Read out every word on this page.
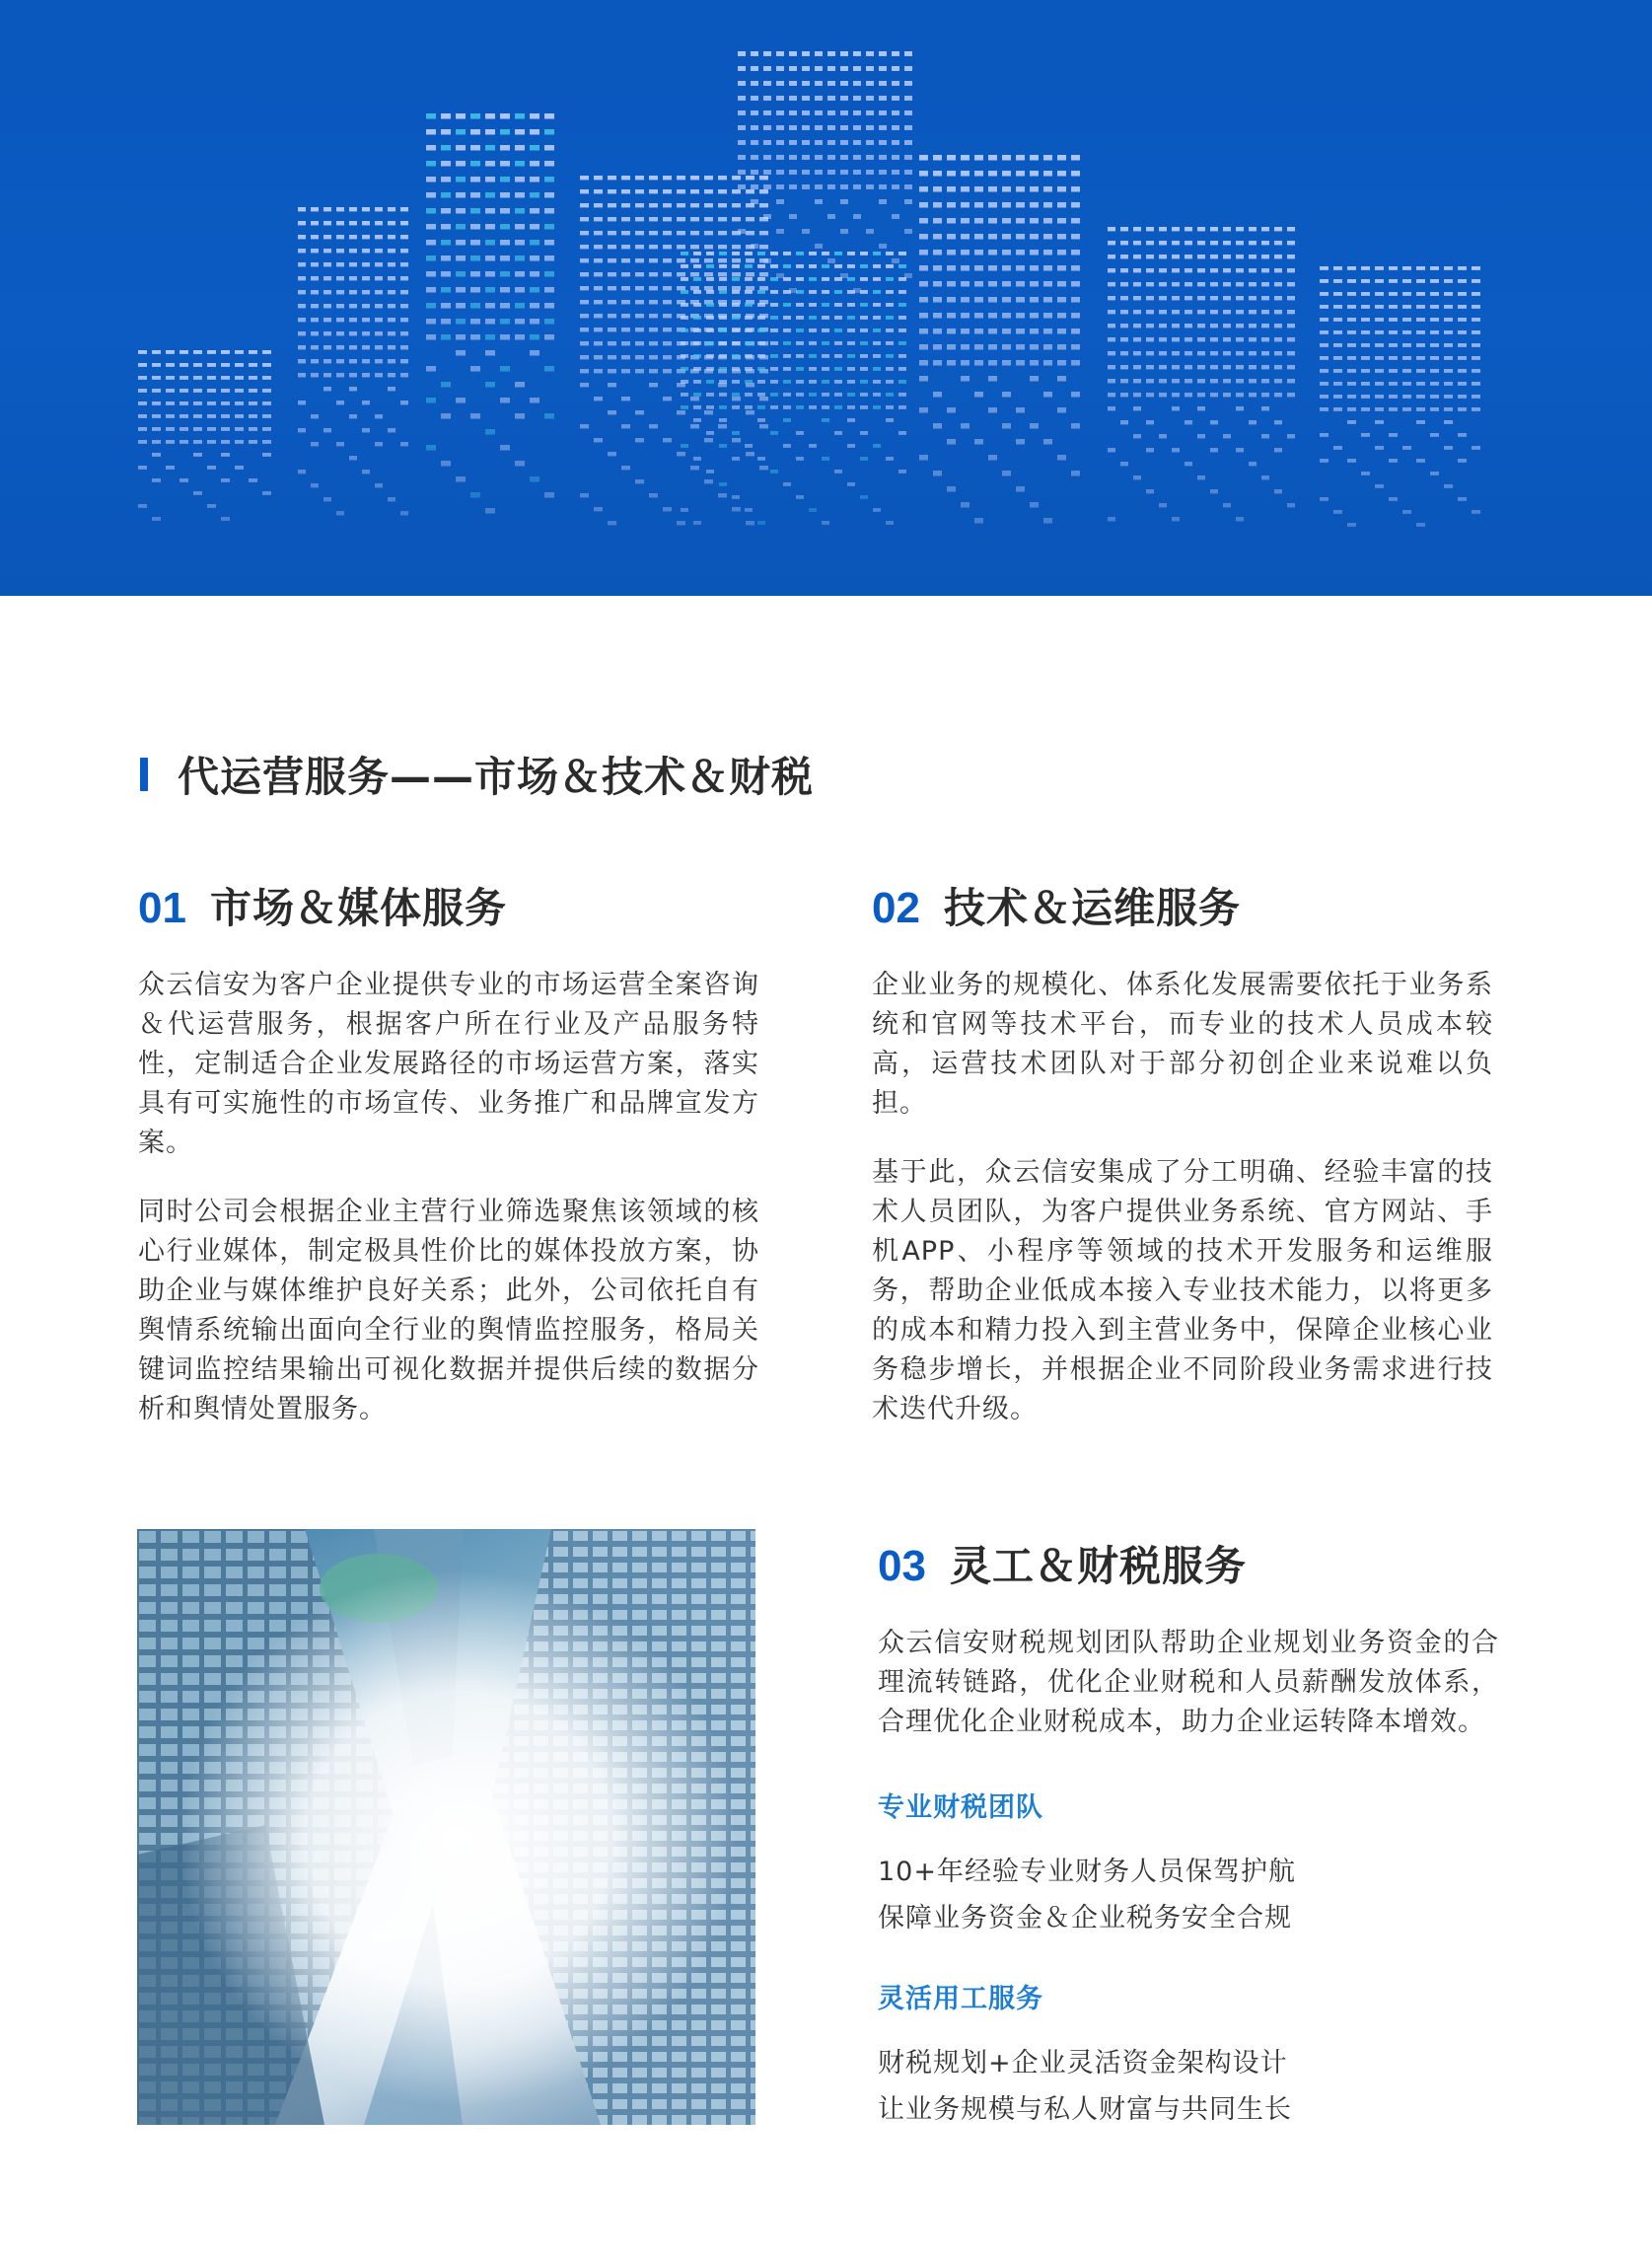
代运营服务——市场＆技术＆财税
01 市场＆媒体服务
众云信安为客户企业提供专业的市场运营全案咨询＆代运营服务，根据客户所在行业及产品服务特性，定制适合企业发展路径的市场运营方案，落实具有可实施性的市场宣传、业务推广和品牌宣发方案。
同时公司会根据企业主营行业筛选聚焦该领域的核心行业媒体，制定极具性价比的媒体投放方案，协助企业与媒体维护良好关系；此外，公司依托自有舆情系统输出面向全行业的舆情监控服务，格局关键词监控结果输出可视化数据并提供后续的数据分析和舆情处置服务。
02 技术＆运维服务
企业业务的规模化、体系化发展需要依托于业务系统和官网等技术平台，而专业的技术人员成本较高，运营技术团队对于部分初创企业来说难以负担。
基于此，众云信安集成了分工明确、经验丰富的技术人员团队，为客户提供业务系统、官方网站、手机APP、小程序等领域的技术开发服务和运维服务，帮助企业低成本接入专业技术能力，以将更多的成本和精力投入到主营业务中，保障企业核心业务稳步增长，并根据企业不同阶段业务需求进行技术迭代升级。
03 灵工＆财税服务
众云信安财税规划团队帮助企业规划业务资金的合理流转链路，优化企业财税和人员薪酬发放体系，合理优化企业财税成本，助力企业运转降本增效。
专业财税团队
10+年经验专业财务人员保驾护航
保障业务资金＆企业税务安全合规
灵活用工服务
财税规划+企业灵活资金架构设计
让业务规模与私人财富与共同生长
